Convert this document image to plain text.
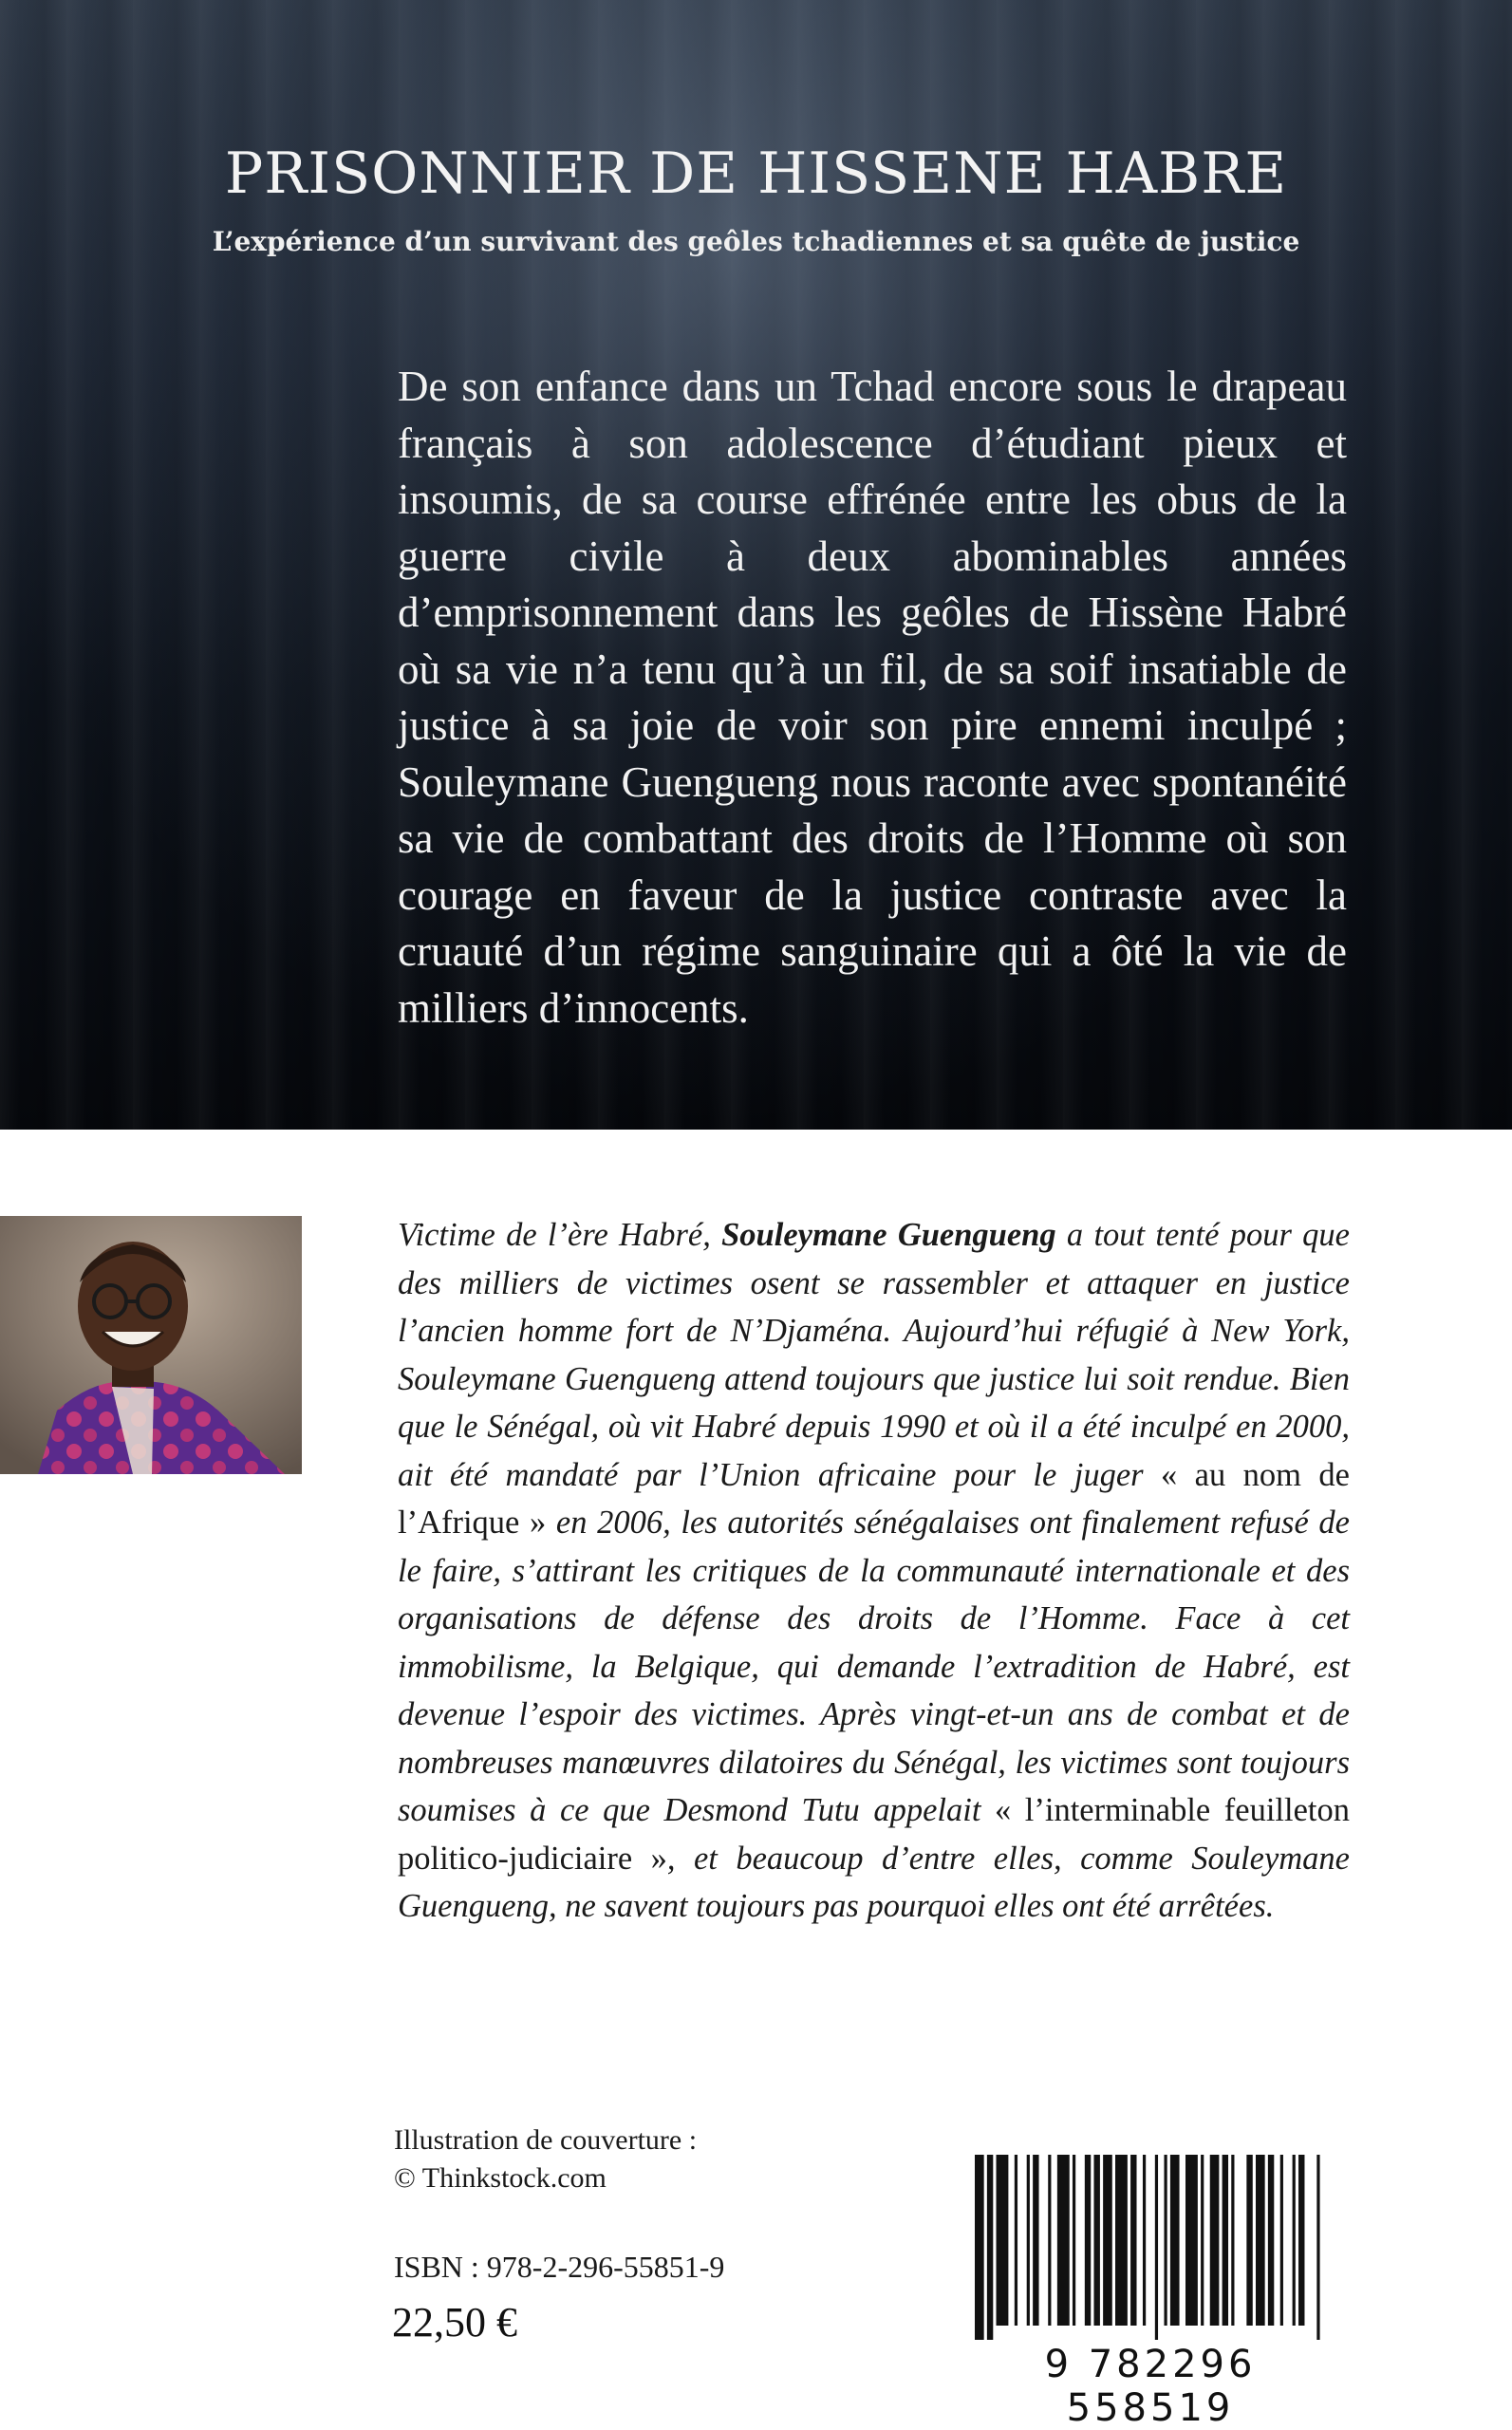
PRISONNIER DE HISSENE HABRE
L’expérience d’un survivant des geôles tchadiennes et sa quête de justice

De son enfance dans un Tchad encore sous le drapeau français à son adolescence d’étudiant pieux et insoumis, de sa course effrénée entre les obus de la guerre civile à deux abominables années d’emprisonnement dans les geôles de Hissène Habré où sa vie n’a tenu qu’à un fil, de sa soif insatiable de justice à sa joie de voir son pire ennemi inculpé ; Souleymane Guengueng nous raconte avec spontanéité sa vie de combattant des droits de l’Homme où son courage en faveur de la justice contraste avec la cruauté d’un régime sanguinaire qui a ôté la vie de milliers d’innocents.

Victime de l’ère Habré, Souleymane Guengueng a tout tenté pour que des milliers de victimes osent se rassembler et attaquer en justice l’ancien homme fort de N’Djaména. Aujourd’hui réfugié à New York, Souleymane Guengueng attend toujours que justice lui soit rendue. Bien que le Sénégal, où vit Habré depuis 1990 et où il a été inculpé en 2000, ait été mandaté par l’Union africaine pour le juger « au nom de l’Afrique » en 2006, les autorités sénégalaises ont finalement refusé de le faire, s’attirant les critiques de la communauté internationale et des organisations de défense des droits de l’Homme. Face à cet immobilisme, la Belgique, qui demande l’extradition de Habré, est devenue l’espoir des victimes. Après vingt-et-un ans de combat et de nombreuses manœuvres dilatoires du Sénégal, les victimes sont toujours soumises à ce que Desmond Tutu appelait « l’interminable feuilleton politico-judiciaire », et beaucoup d’entre elles, comme Souleymane Guengueng, ne savent toujours pas pourquoi elles ont été arrêtées.

Illustration de couverture :
© Thinkstock.com
ISBN : 978-2-296-55851-9
22,50 €
9 782296 558519
